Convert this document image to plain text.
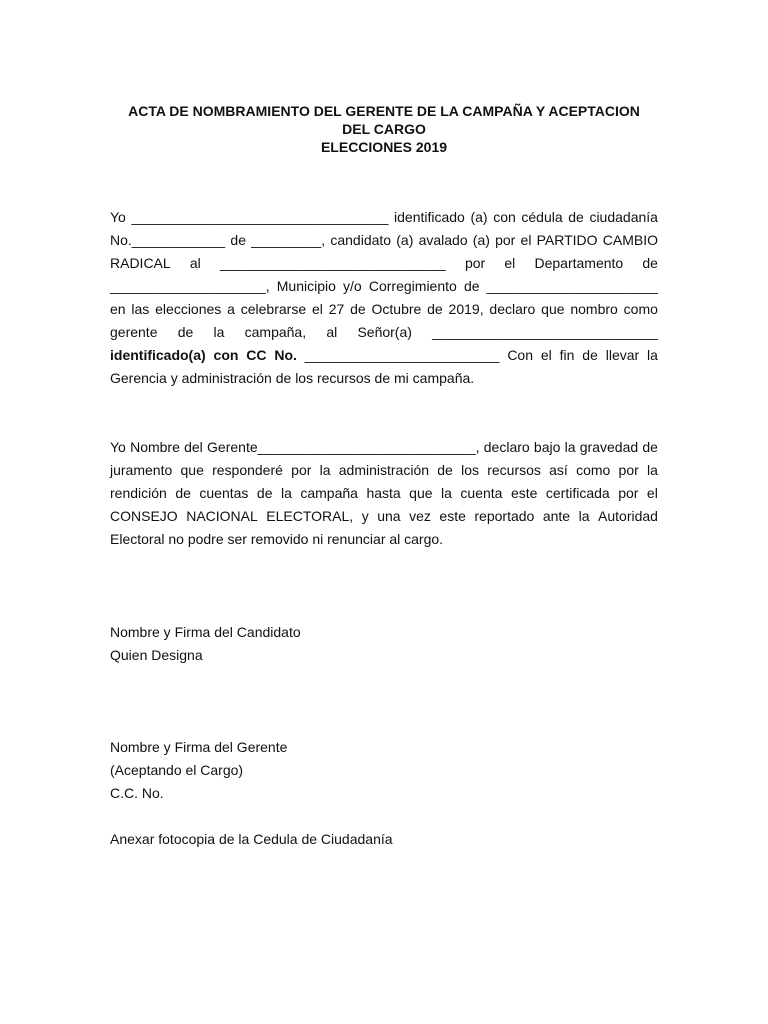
ACTA DE NOMBRAMIENTO DEL GERENTE DE LA CAMPAÑA Y ACEPTACION
DEL CARGO
ELECCIONES 2019
Yo _________________________________ identificado (a) con cédula de ciudadanía
No.____________ de _________, candidato (a) avalado (a) por el PARTIDO CAMBIO
RADICAL al _____________________________ por el Departamento de
____________________, Municipio y/o Corregimiento de ______________________
en las elecciones a celebrarse el 27 de Octubre de 2019, declaro que nombro como
gerente de la campaña, al Señor(a) _____________________________
identificado(a) con CC No. _________________________ Con el fin de llevar la
Gerencia y administración de los recursos de mi campaña.
Yo Nombre del Gerente____________________________, declaro bajo la gravedad de
juramento que responderé por la administración de los recursos así como por la
rendición de cuentas de la campaña hasta que la cuenta este certificada por el
CONSEJO NACIONAL ELECTORAL, y una vez este reportado ante la Autoridad
Electoral no podre ser removido ni renunciar al cargo.
Nombre y Firma del Candidato
Quien Designa
Nombre y Firma del Gerente
(Aceptando el Cargo)
C.C. No.
Anexar fotocopia de la Cedula de Ciudadanía
